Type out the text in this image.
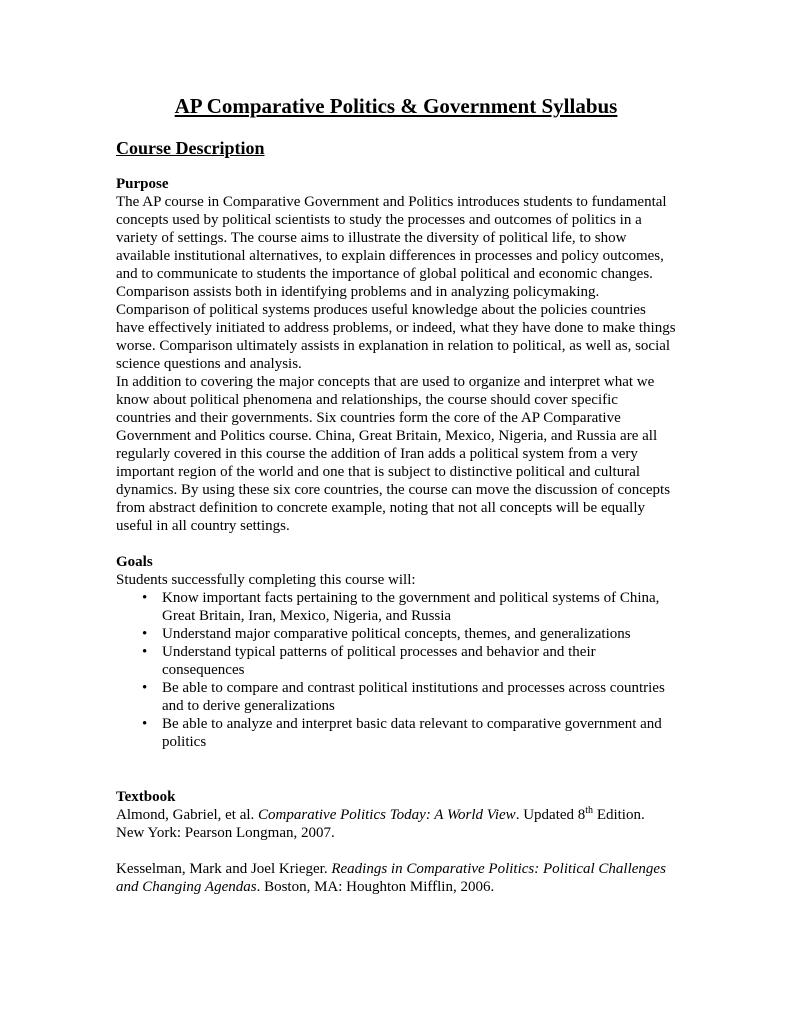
AP Comparative Politics & Government Syllabus
Course Description

Purpose

The AP course in Comparative Government and Politics introduces students to fundamental concepts used by political scientists to study the processes and outcomes of politics in a variety of settings. The course aims to illustrate the diversity of political life, to show available institutional alternatives, to explain differences in processes and policy outcomes, and to communicate to students the importance of global political and economic changes. Comparison assists both in identifying problems and in analyzing policymaking. Comparison of political systems produces useful knowledge about the policies countries have effectively initiated to address problems, or indeed, what they have done to make things worse. Comparison ultimately assists in explanation in relation to political, as well as, social science questions and analysis.

In addition to covering the major concepts that are used to organize and interpret what we know about political phenomena and relationships, the course should cover specific countries and their governments. Six countries form the core of the AP Comparative Government and Politics course. China, Great Britain, Mexico, Nigeria, and Russia are all regularly covered in this course the addition of Iran adds a political system from a very important region of the world and one that is subject to distinctive political and cultural dynamics. By using these six core countries, the course can move the discussion of concepts from abstract definition to concrete example, noting that not all concepts will be equally useful in all country settings.

Goals

Students successfully completing this course will:

• Know important facts pertaining to the government and political systems of China, Great Britain, Iran, Mexico, Nigeria, and Russia
• Understand major comparative political concepts, themes, and generalizations
• Understand typical patterns of political processes and behavior and their consequences
• Be able to compare and contrast political institutions and processes across countries and to derive generalizations
• Be able to analyze and interpret basic data relevant to comparative government and politics

Textbook

Almond, Gabriel, et al. Comparative Politics Today: A World View. Updated 8th Edition. New York: Pearson Longman, 2007.

Kesselman, Mark and Joel Krieger. Readings in Comparative Politics: Political Challenges and Changing Agendas. Boston, MA: Houghton Mifflin, 2006.
